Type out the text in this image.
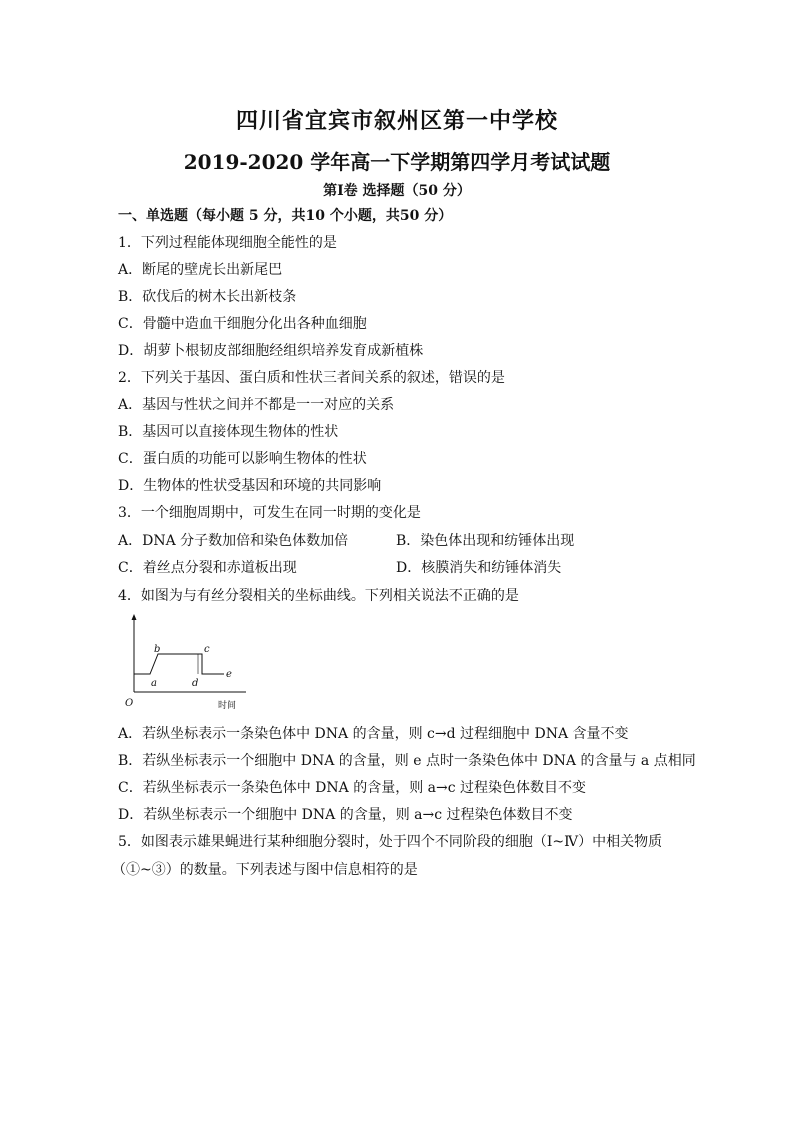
四川省宜宾市叙州区第一中学校
2019-2020 学年高一下学期第四学月考试试题
第Ⅰ卷 选择题（50 分）
一、单选题（每小题 5 分，共10 个小题，共50 分）
1．下列过程能体现细胞全能性的是
A．断尾的壁虎长出新尾巴
B．砍伐后的树木长出新枝条
C．骨髓中造血干细胞分化出各种血细胞
D．胡萝卜根韧皮部细胞经组织培养发育成新植株
2．下列关于基因、蛋白质和性状三者间关系的叙述，错误的是
A．基因与性状之间并不都是一一对应的关系
B．基因可以直接体现生物体的性状
C．蛋白质的功能可以影响生物体的性状
D．生物体的性状受基因和环境的共同影响
3．一个细胞周期中，可发生在同一时期的变化是
A．DNA 分子数加倍和染色体数加倍	B．染色体出现和纺锤体出现
C．着丝点分裂和赤道板出现	D．核膜消失和纺锤体消失
4．如图为与有丝分裂相关的坐标曲线。下列相关说法不正确的是
O	时间
a
b	c
d
e
A．若纵坐标表示一条染色体中 DNA 的含量，则 c→d 过程细胞中 DNA 含量不变
B．若纵坐标表示一个细胞中 DNA 的含量，则 e 点时一条染色体中 DNA 的含量与 a 点相同
C．若纵坐标表示一条染色体中 DNA 的含量，则 a→c 过程染色体数目不变
D．若纵坐标表示一个细胞中 DNA 的含量，则 a→c 过程染色体数目不变
5．如图表示雄果蝇进行某种细胞分裂时，处于四个不同阶段的细胞（Ⅰ~Ⅳ）中相关物质
（①~③）的数量。下列表述与图中信息相符的是
